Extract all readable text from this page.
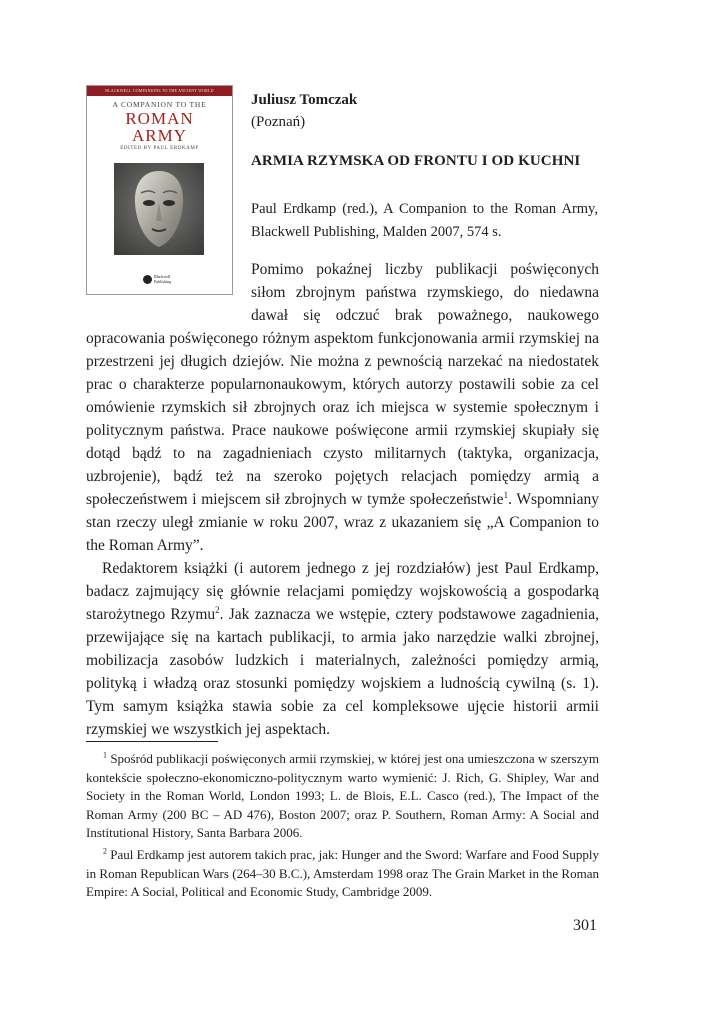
BLACKWELL COMPANIONS TO THE ANCIENT WORLD
A COMPANION TO THE
ROMAN
ARMY
EDITED BY PAUL ERDKAMP
Blackwell Publishing
Juliusz Tomczak
(Poznań)
ARMIA RZYMSKA OD FRONTU I OD KUCHNI
Paul Erdkamp (red.), A Companion to the Roman Army, Blackwell Publishing, Malden 2007, 574 s.

Pomimo pokaźnej liczby publikacji poświęconych siłom zbrojnym państwa rzymskiego, do niedawna dawał się odczuć brak poważnego, naukowego opracowania poświęconego różnym aspektom funkcjonowania armii rzymskiej na przestrzeni jej długich dziejów. Nie można z pewnością narzekać na niedostatek prac o charakterze popularnonaukowym, których autorzy postawili sobie za cel omówienie rzymskich sił zbrojnych oraz ich miejsca w systemie społecznym i politycznym państwa. Prace naukowe poświęcone armii rzymskiej skupiały się dotąd bądź to na zagadnieniach czysto militarnych (taktyka, organizacja, uzbrojenie), bądź też na szeroko pojętych relacjach pomiędzy armią a społeczeństwem i miejscem sił zbrojnych w tymże społeczeństwie$^1$. Wspomniany stan rzeczy uległ zmianie w roku 2007, wraz z ukazaniem się „A Companion to the Roman Army”.

Redaktorem książki (i autorem jednego z jej rozdziałów) jest Paul Erdkamp, badacz zajmujący się głównie relacjami pomiędzy wojskowością a gospodarką starożytnego Rzymu$^2$. Jak zaznacza we wstępie, cztery podstawowe zagadnienia, przewijające się na kartach publikacji, to armia jako narzędzie walki zbrojnej, mobilizacja zasobów ludzkich i materialnych, zależności pomiędzy armią, polityką i władzą oraz stosunki pomiędzy wojskiem a ludnością cywilną (s. 1). Tym samym książka stawia sobie za cel kompleksowe ujęcie historii armii rzymskiej we wszystkich jej aspektach.

$^1$ Spośród publikacji poświęconych armii rzymskiej, w której jest ona umieszczona w szerszym kontekście społeczno-ekonomiczno-politycznym warto wymienić: J. Rich, G. Shipley, War and Society in the Roman World, London 1993; L. de Blois, E.L. Casco (red.), The Impact of the Roman Army (200 BC – AD 476), Boston 2007; oraz P. Southern, Roman Army: A Social and Institutional History, Santa Barbara 2006.

$^2$ Paul Erdkamp jest autorem takich prac, jak: Hunger and the Sword: Warfare and Food Supply in Roman Republican Wars (264–30 B.C.), Amsterdam 1998 oraz The Grain Market in the Roman Empire: A Social, Political and Economic Study, Cambridge 2009.

301
